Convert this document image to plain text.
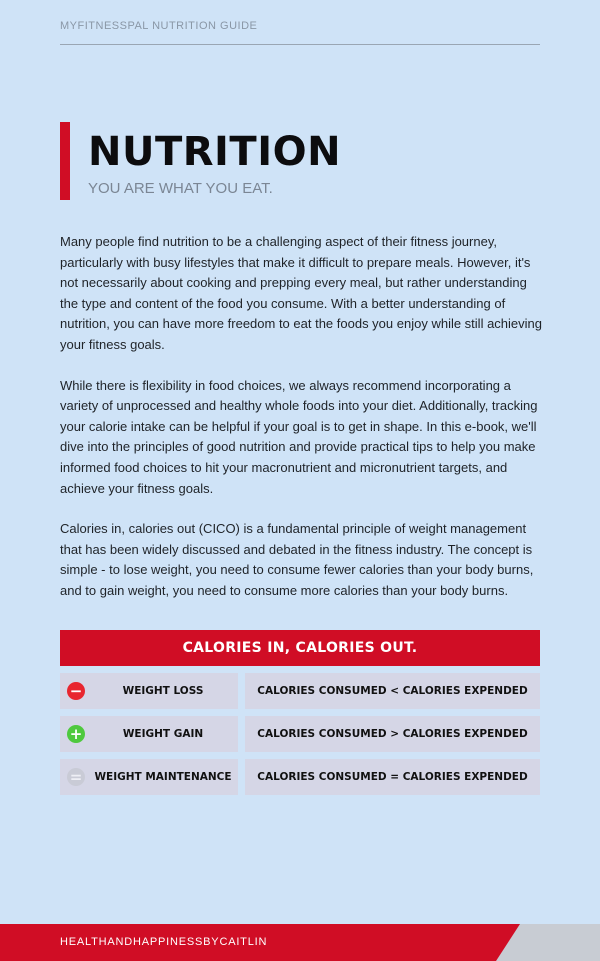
MYFITNESSPAL NUTRITION GUIDE
NUTRITION
YOU ARE WHAT YOU EAT.

Many people find nutrition to be a challenging aspect of their fitness journey, particularly with busy lifestyles that make it difficult to prepare meals. However, it's not necessarily about cooking and prepping every meal, but rather understanding the type and content of the food you consume. With a better understanding of nutrition, you can have more freedom to eat the foods you enjoy while still achieving your fitness goals.

While there is flexibility in food choices, we always recommend incorporating a variety of unprocessed and healthy whole foods into your diet. Additionally, tracking your calorie intake can be helpful if your goal is to get in shape. In this e-book, we'll dive into the principles of good nutrition and provide practical tips to help you make informed food choices to hit your macronutrient and micronutrient targets, and achieve your fitness goals.

Calories in, calories out (CICO) is a fundamental principle of weight management that has been widely discussed and debated in the fitness industry. The concept is simple - to lose weight, you need to consume fewer calories than your body burns, and to gain weight, you need to consume more calories than your body burns.

CALORIES IN, CALORIES OUT.
−	WEIGHT LOSS	CALORIES CONSUMED < CALORIES EXPENDED
+	WEIGHT GAIN	CALORIES CONSUMED > CALORIES EXPENDED
=	WEIGHT MAINTENANCE	CALORIES CONSUMED = CALORIES EXPENDED
HEALTHANDHAPPINESSBYCAITLIN
